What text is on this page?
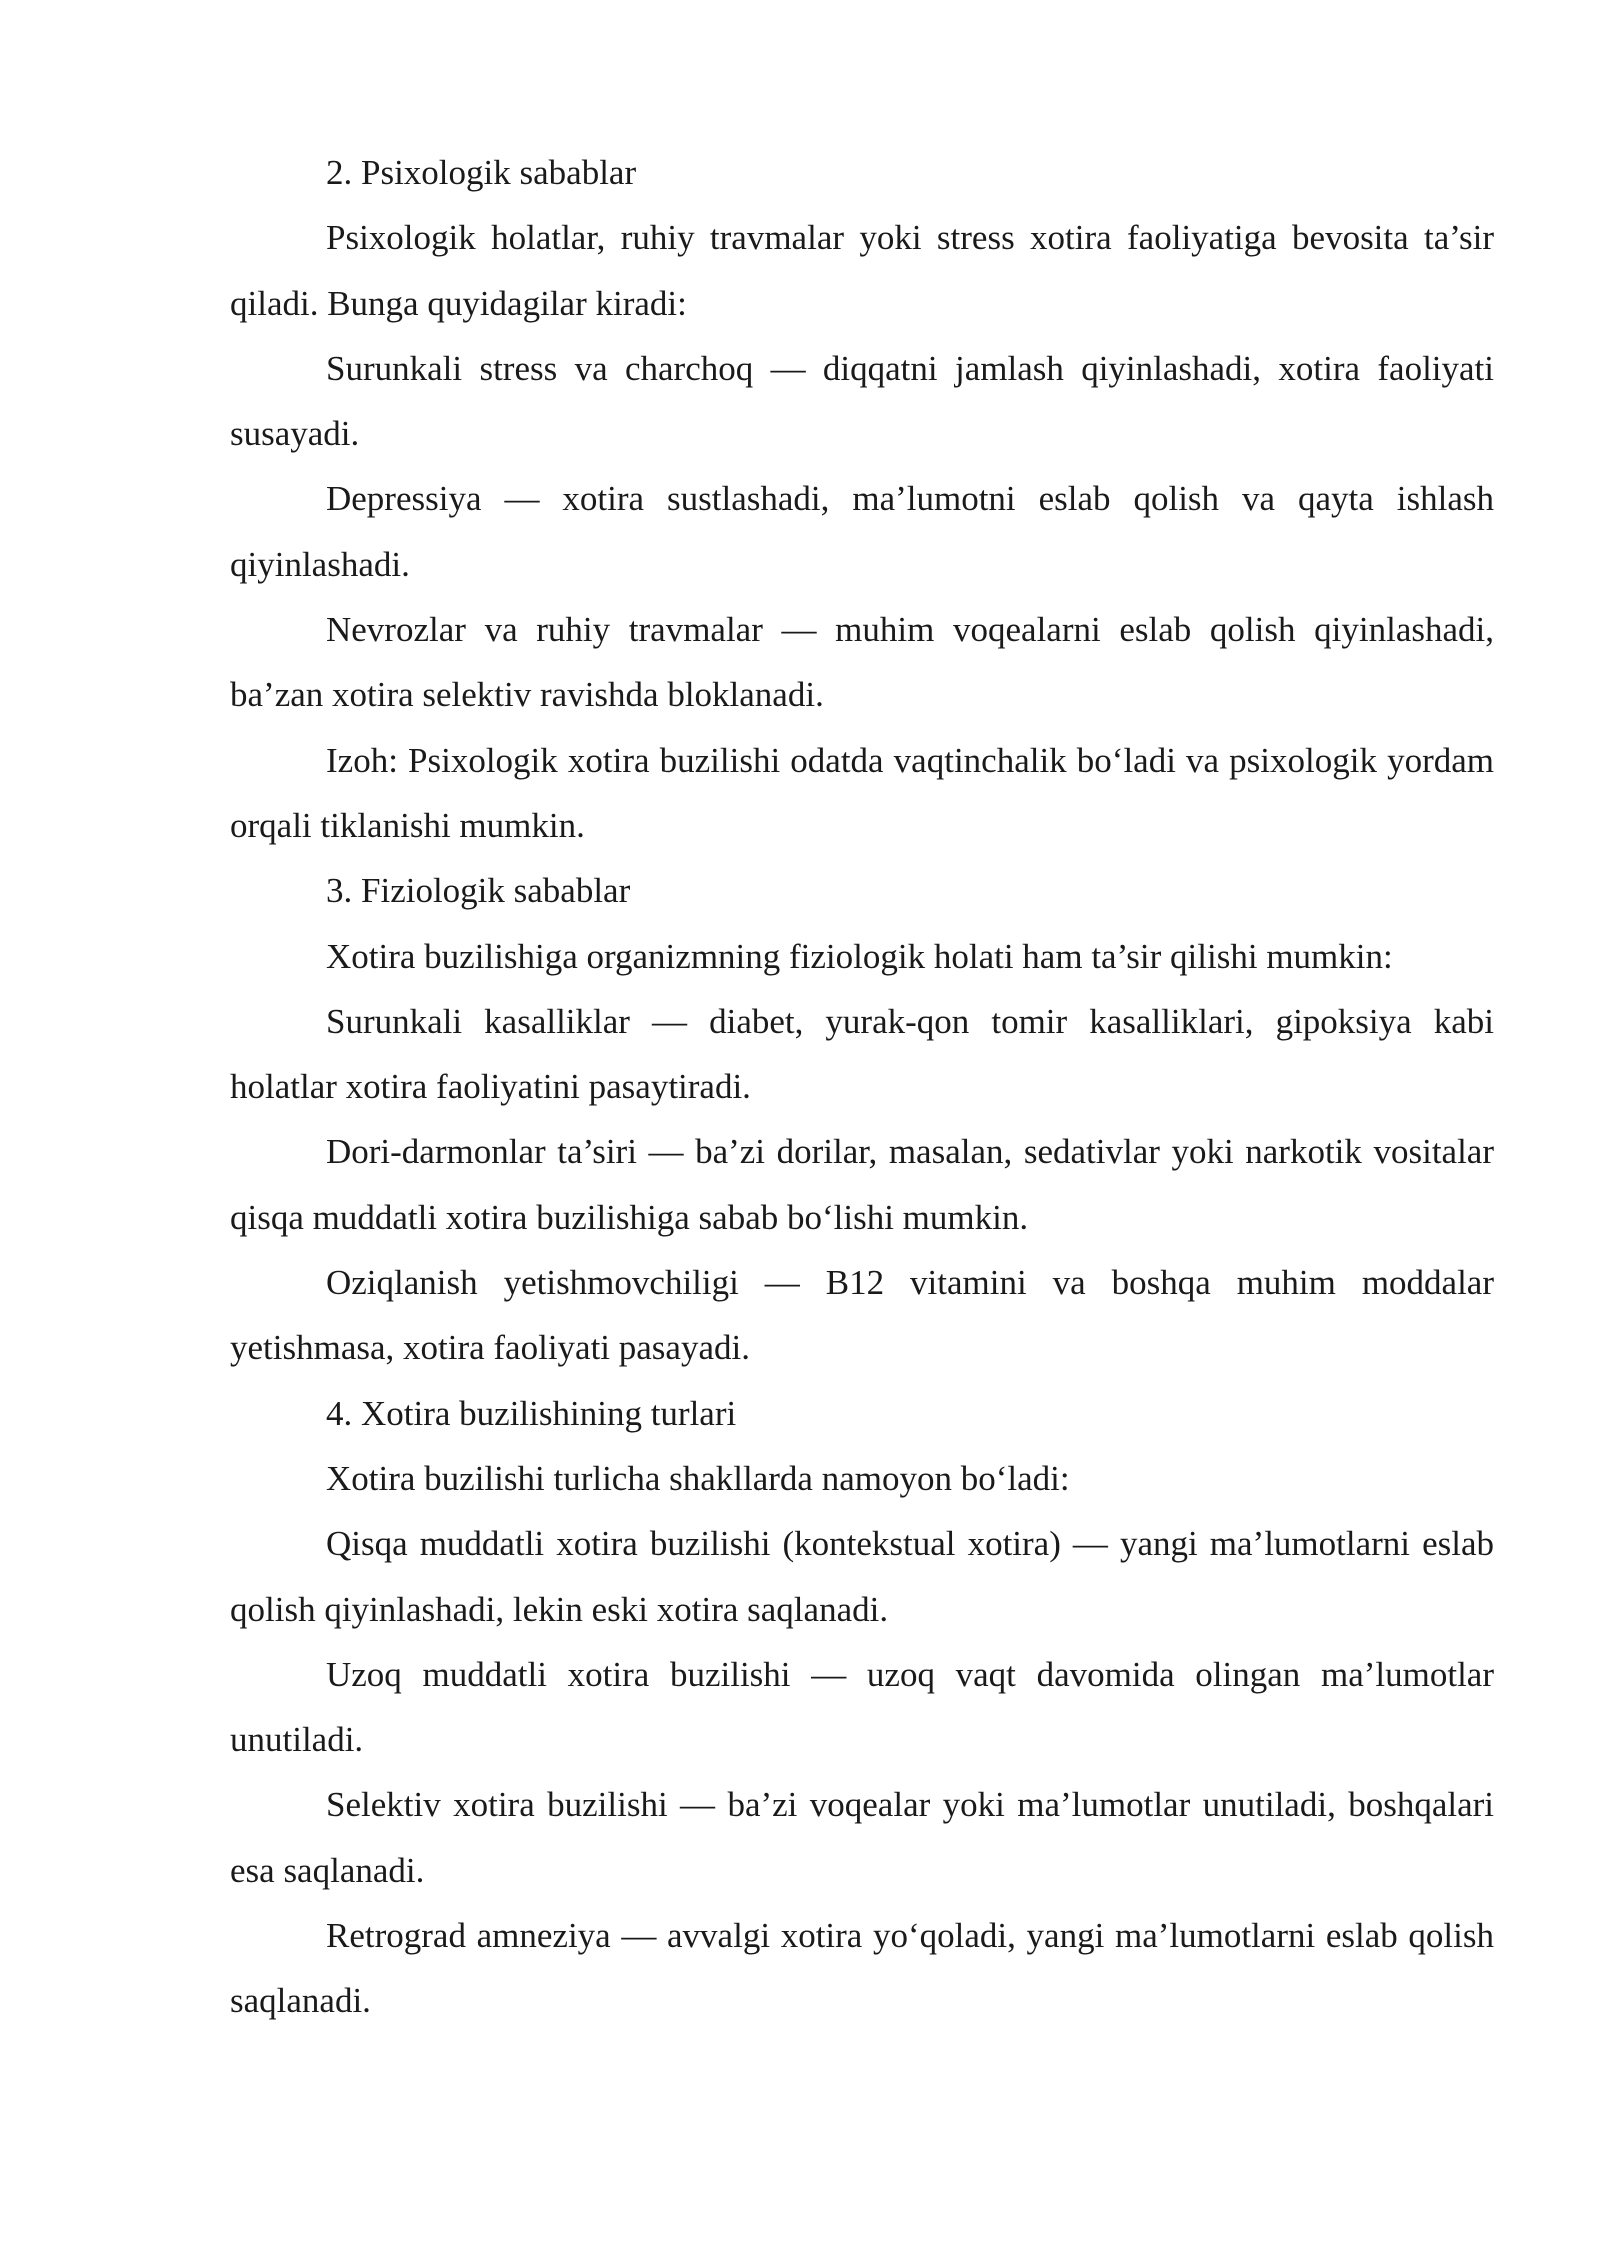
2. Psixologik sabablar

Psixologik holatlar, ruhiy travmalar yoki stress xotira faoliyatiga bevosita ta’sir qiladi. Bunga quyidagilar kiradi:

Surunkali stress va charchoq — diqqatni jamlash qiyinlashadi, xotira faoliyati susayadi.

Depressiya — xotira sustlashadi, ma’lumotni eslab qolish va qayta ishlash qiyinlashadi.

Nevrozlar va ruhiy travmalar — muhim voqealarni eslab qolish qiyinlashadi, ba’zan xotira selektiv ravishda bloklanadi.

Izoh: Psixologik xotira buzilishi odatda vaqtinchalik bo‘ladi va psixologik yordam orqali tiklanishi mumkin.

3. Fiziologik sabablar

Xotira buzilishiga organizmning fiziologik holati ham ta’sir qilishi mumkin:

Surunkali kasalliklar — diabet, yurak-qon tomir kasalliklari, gipoksiya kabi holatlar xotira faoliyatini pasaytiradi.

Dori-darmonlar ta’siri — ba’zi dorilar, masalan, sedativlar yoki narkotik vositalar qisqa muddatli xotira buzilishiga sabab bo‘lishi mumkin.

Oziqlanish yetishmovchiligi — B12 vitamini va boshqa muhim moddalar yetishmasa, xotira faoliyati pasayadi.

4. Xotira buzilishining turlari

Xotira buzilishi turlicha shakllarda namoyon bo‘ladi:

Qisqa muddatli xotira buzilishi (kontekstual xotira) — yangi ma’lumotlarni eslab qolish qiyinlashadi, lekin eski xotira saqlanadi.

Uzoq muddatli xotira buzilishi — uzoq vaqt davomida olingan ma’lumotlar unutiladi.

Selektiv xotira buzilishi — ba’zi voqealar yoki ma’lumotlar unutiladi, boshqalari esa saqlanadi.

Retrograd amneziya — avvalgi xotira yo‘qoladi, yangi ma’lumotlarni eslab qolish saqlanadi.
